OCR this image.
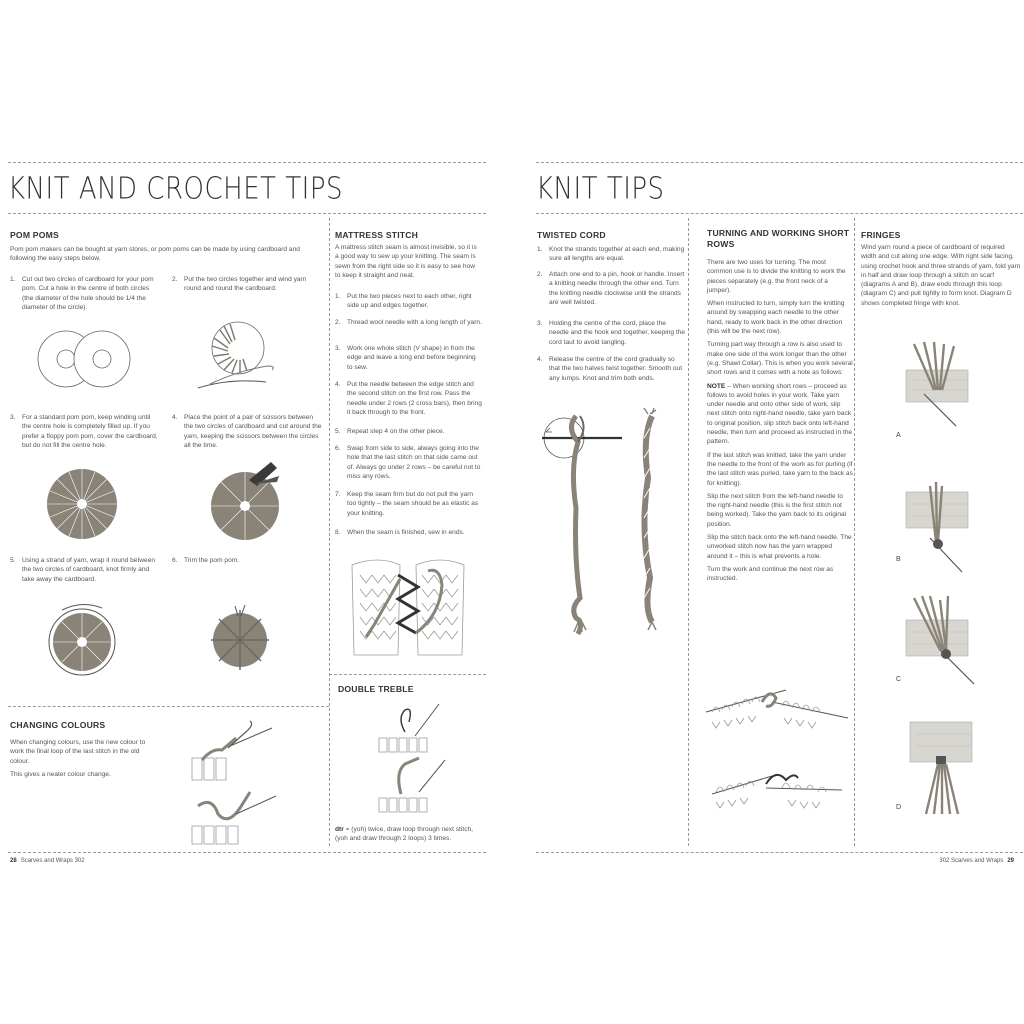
KNIT AND CROCHET TIPS
POM POMS
Pom pom makers can be bought at yarn stores, or pom poms can be made by using cardboard and following the easy steps below.
1. Cut out two circles of cardboard for your pom pom. Cut a hole in the centre of both circles (the diameter of the hole should be 1/4 the diameter of the circle).
2. Put the two circles together and wind yarn round and round the cardboard.
3. For a standard pom pom, keep winding until the centre hole is completely filled up. If you prefer a floppy pom pom, cover the cardboard, but do not fill the centre hole.
4. Place the point of a pair of scissors between the two circles of cardboard and cut around the yarn, keeping the scissors between the circles all the time.
5. Using a strand of yarn, wrap it round between the two circles of cardboard, knot firmly and take away the cardboard.
6. Trim the pom pom.
MATTRESS STITCH
A mattress stitch seam is almost invisible, so it is a good way to sew up your knitting. The seam is sewn from the right side so it is easy to see how to keep it straight and neat.
1. Put the two pieces next to each other, right side up and edges together.
2. Thread wool needle with a long length of yarn.
3. Work one whole stitch (V shape) in from the edge and leave a long end before beginning to sew.
4. Put the needle between the edge stitch and the second stitch on the first row. Pass the needle under 2 rows (2 cross bars), then bring it back through to the front.
5. Repeat step 4 on the other piece.
6. Swap from side to side, always going into the hole that the last stitch on that side came out of. Always go under 2 rows – be careful not to miss any rows.
7. Keep the seam firm but do not pull the yarn too tightly – the seam should be as elastic as your knitting.
8. When the seam is finished, sew in ends.
CHANGING COLOURS

When changing colours, use the new colour to work the final loop of the last stitch in the old colour.

This gives a neater colour change.

DOUBLE TREBLE
dtr = (yoh) twice, draw loop through next stitch, (yoh and draw through 2 loops) 3 times.
28 Scarves and Wraps 302
KNIT TIPS
TWISTED CORD
1. Knot the strands together at each end, making sure all lengths are equal.
2. Attach one end to a pin, hook or handle. Insert a knitting needle through the other end. Turn the knitting needle clockwise until the strands are well twisted.
3. Holding the centre of the cord, place the needle and the hook end together, keeping the cord taut to avoid tangling.
4. Release the centre of the cord gradually so that the two halves twist together. Smooth out any lumps. Knot and trim both ends.
TURNING AND WORKING SHORT ROWS

There are two uses for turning. The most common use is to divide the knitting to work the pieces separately (e.g. the front neck of a jumper).

When instructed to turn, simply turn the knitting around by swapping each needle to the other hand, ready to work back in the other direction (this will be the next row).

Turning part way through a row is also used to make one side of the work longer than the other (e.g. Shawl Collar). This is when you work several short rows and it comes with a note as follows:

NOTE – When working short rows – proceed as follows to avoid holes in your work. Take yarn under needle and onto other side of work, slip next stitch onto right-hand needle, take yarn back to original position, slip stitch back onto left-hand needle, then turn and proceed as instructed in the pattern.

If the last stitch was knitted, take the yarn under the needle to the front of the work as for purling (if the last stitch was purled, take yarn to the back as for knitting).

Slip the next stitch from the left-hand needle to the right-hand needle (this is the first stitch not being worked). Take the yarn back to its original position.

Slip the stitch back onto the left-hand needle. The unworked stitch now has the yarn wrapped around it – this is what prevents a hole.

Turn the work and continue the next row as instructed.

FRINGES
Wind yarn round a piece of cardboard of required width and cut along one edge. With right side facing, using crochet hook and three strands of yarn, fold yarn in half and draw loop through a stitch on scarf (diagrams A and B), draw ends through this loop (diagram C) and pull tightly to form knot. Diagram D shows completed fringe with knot.
A
B
C
D
302 Scarves and Wraps 29
